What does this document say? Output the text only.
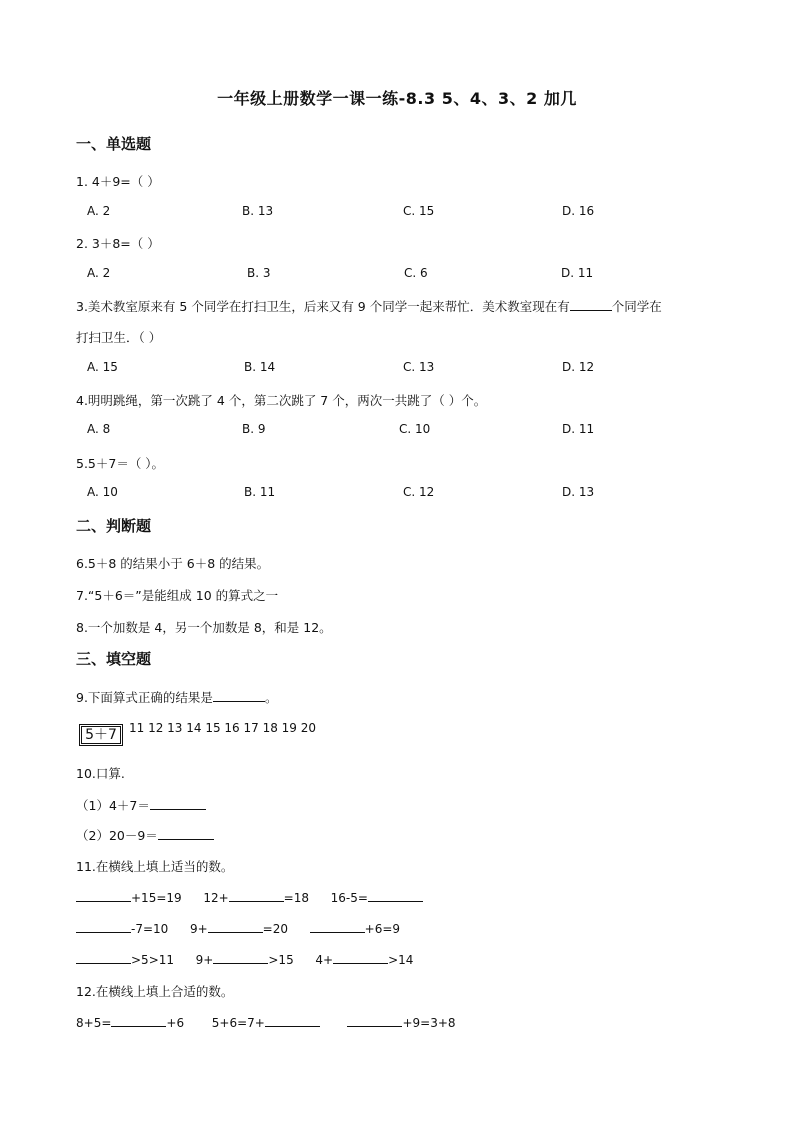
一年级上册数学一课一练-8.3 5、4、3、2 加几
一、单选题
1. 4＋9=（ ）
A. 2	B. 13	C. 15	D. 16
2. 3＋8=（ ）
A. 2	B. 3	C. 6	D. 11
3.美术教室原来有 5 个同学在打扫卫生，后来又有 9 个同学一起来帮忙．美术教室现在有	个同学在
打扫卫生．（ ）
A. 15	B. 14	C. 13	D. 12
4.明明跳绳，第一次跳了 4 个，第二次跳了 7 个，两次一共跳了（ ）个。
A. 8	B. 9	C. 10	D. 11
5.5＋7＝（ ）。
A. 10	B. 11	C. 12	D. 13
二、判断题
6.5＋8 的结果小于 6＋8 的结果。
7.“5＋6＝”是能组成 10 的算式之一
8.一个加数是 4，另一个加数是 8，和是 12。
三、填空题
9.下面算式正确的结果是	。
5＋7	11 12 13 14 15 16 17 18 19 20
10.口算.
（1）4＋7＝
（2）20－9＝
11.在横线上填上适当的数。
+15=19 12+	=18 16-5=
-7=10 9+	=20	+6=9
>5>11 9+	>15 4+	>14
12.在横线上填上合适的数。
8+5=	+6 5+6=7+	+9=3+8
